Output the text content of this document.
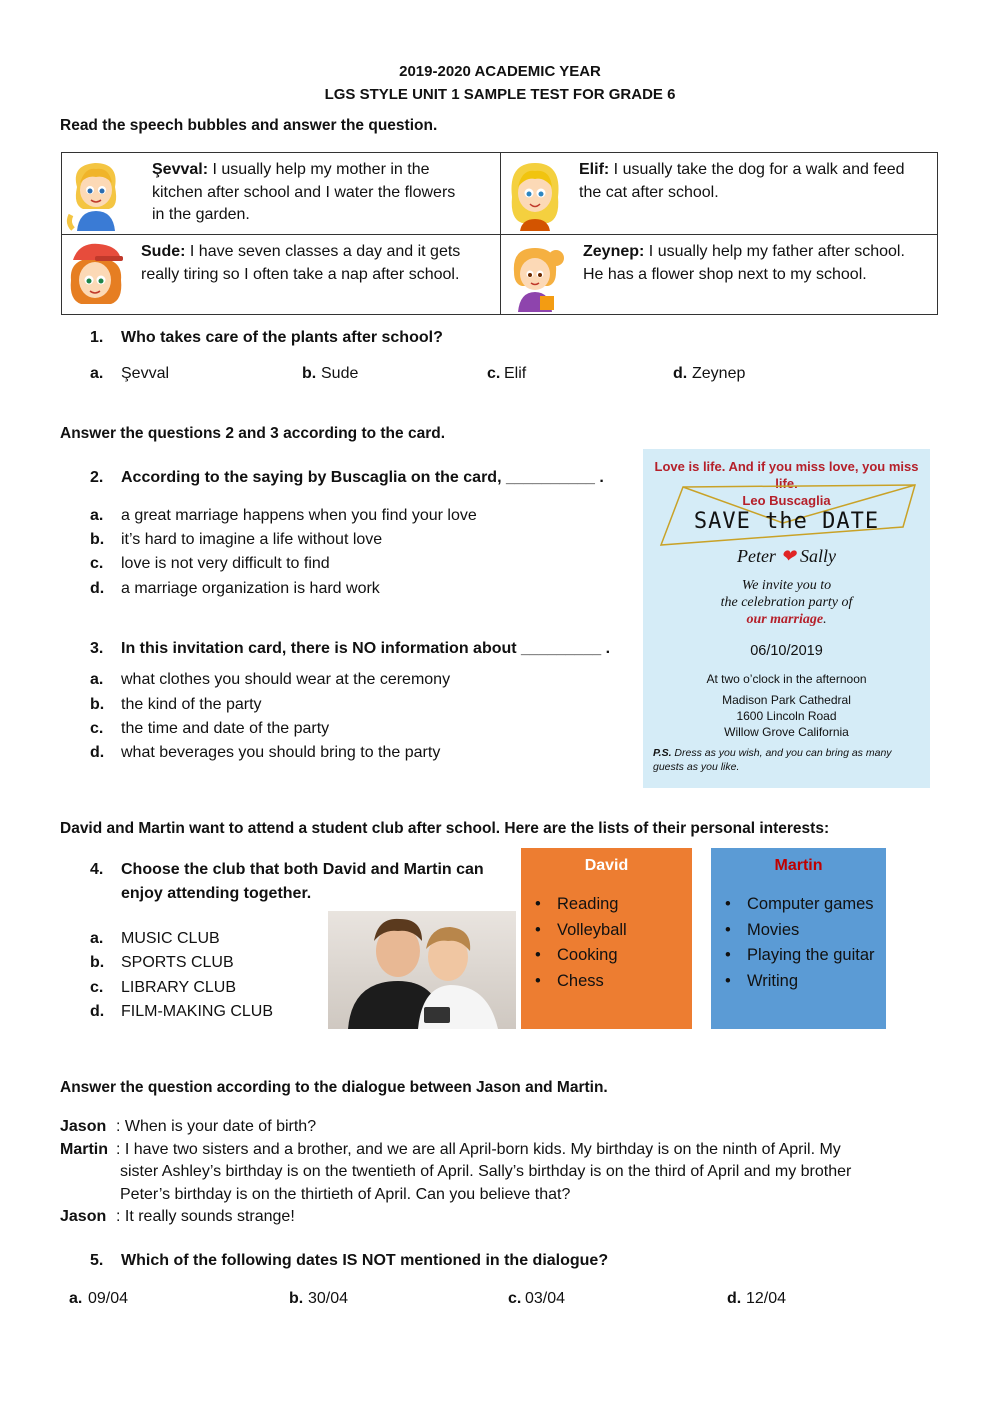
2019-2020 ACADEMIC YEAR
LGS STYLE UNIT 1 SAMPLE TEST FOR GRADE 6
Read the speech bubbles and answer the question.
Şevval: I usually help my mother in the
kitchen after school and I water the flowers
in the garden.
Elif: I usually take the dog for a walk and feed
the cat after school.
Sude: I have seven classes a day and it gets
really tiring so I often take a nap after school.
Zeynep: I usually help my father after school.
He has a flower shop next to my school.
1. Who takes care of the plants after school?
a. Şevval	b. Sude	c. Elif	d. Zeynep
Answer the questions 2 and 3 according to the card.
2. According to the saying by Buscaglia on the card, __________ .
a. a great marriage happens when you find your love
b. it’s hard to imagine a life without love
c. love is not very difficult to find
d. a marriage organization is hard work
3. In this invitation card, there is NO information about _________ .
a. what clothes you should wear at the ceremony
b. the kind of the party
c. the time and date of the party
d. what beverages you should bring to the party
Love is life. And if you miss love, you miss life.
Leo Buscaglia
SAVE the DATE
Peter ❤ Sally
We invite you to
the celebration party of
our marriage.
06/10/2019
At two o’clock in the afternoon
Madison Park Cathedral
1600 Lincoln Road
Willow Grove California
P.S. Dress as you wish, and you can bring as many guests as you like.
David and Martin want to attend a student club after school. Here are the lists of their personal interests:
4. Choose the club that both David and Martin can
enjoy attending together.
a. MUSIC CLUB
b. SPORTS CLUB
c. LIBRARY CLUB
d. FILM-MAKING CLUB
David
• Reading
• Volleyball
• Cooking
• Chess
Martin
• Computer games
• Movies
• Playing the guitar
• Writing
Answer the question according to the dialogue between Jason and Martin.
Jason : When is your date of birth?
Martin : I have two sisters and a brother, and we are all April-born kids. My birthday is on the ninth of April. My
sister Ashley’s birthday is on the twentieth of April. Sally’s birthday is on the third of April and my brother
Peter’s birthday is on the thirtieth of April. Can you believe that?
Jason : It really sounds strange!
5. Which of the following dates IS NOT mentioned in the dialogue?
a. 09/04	b. 30/04	c. 03/04	d. 12/04
